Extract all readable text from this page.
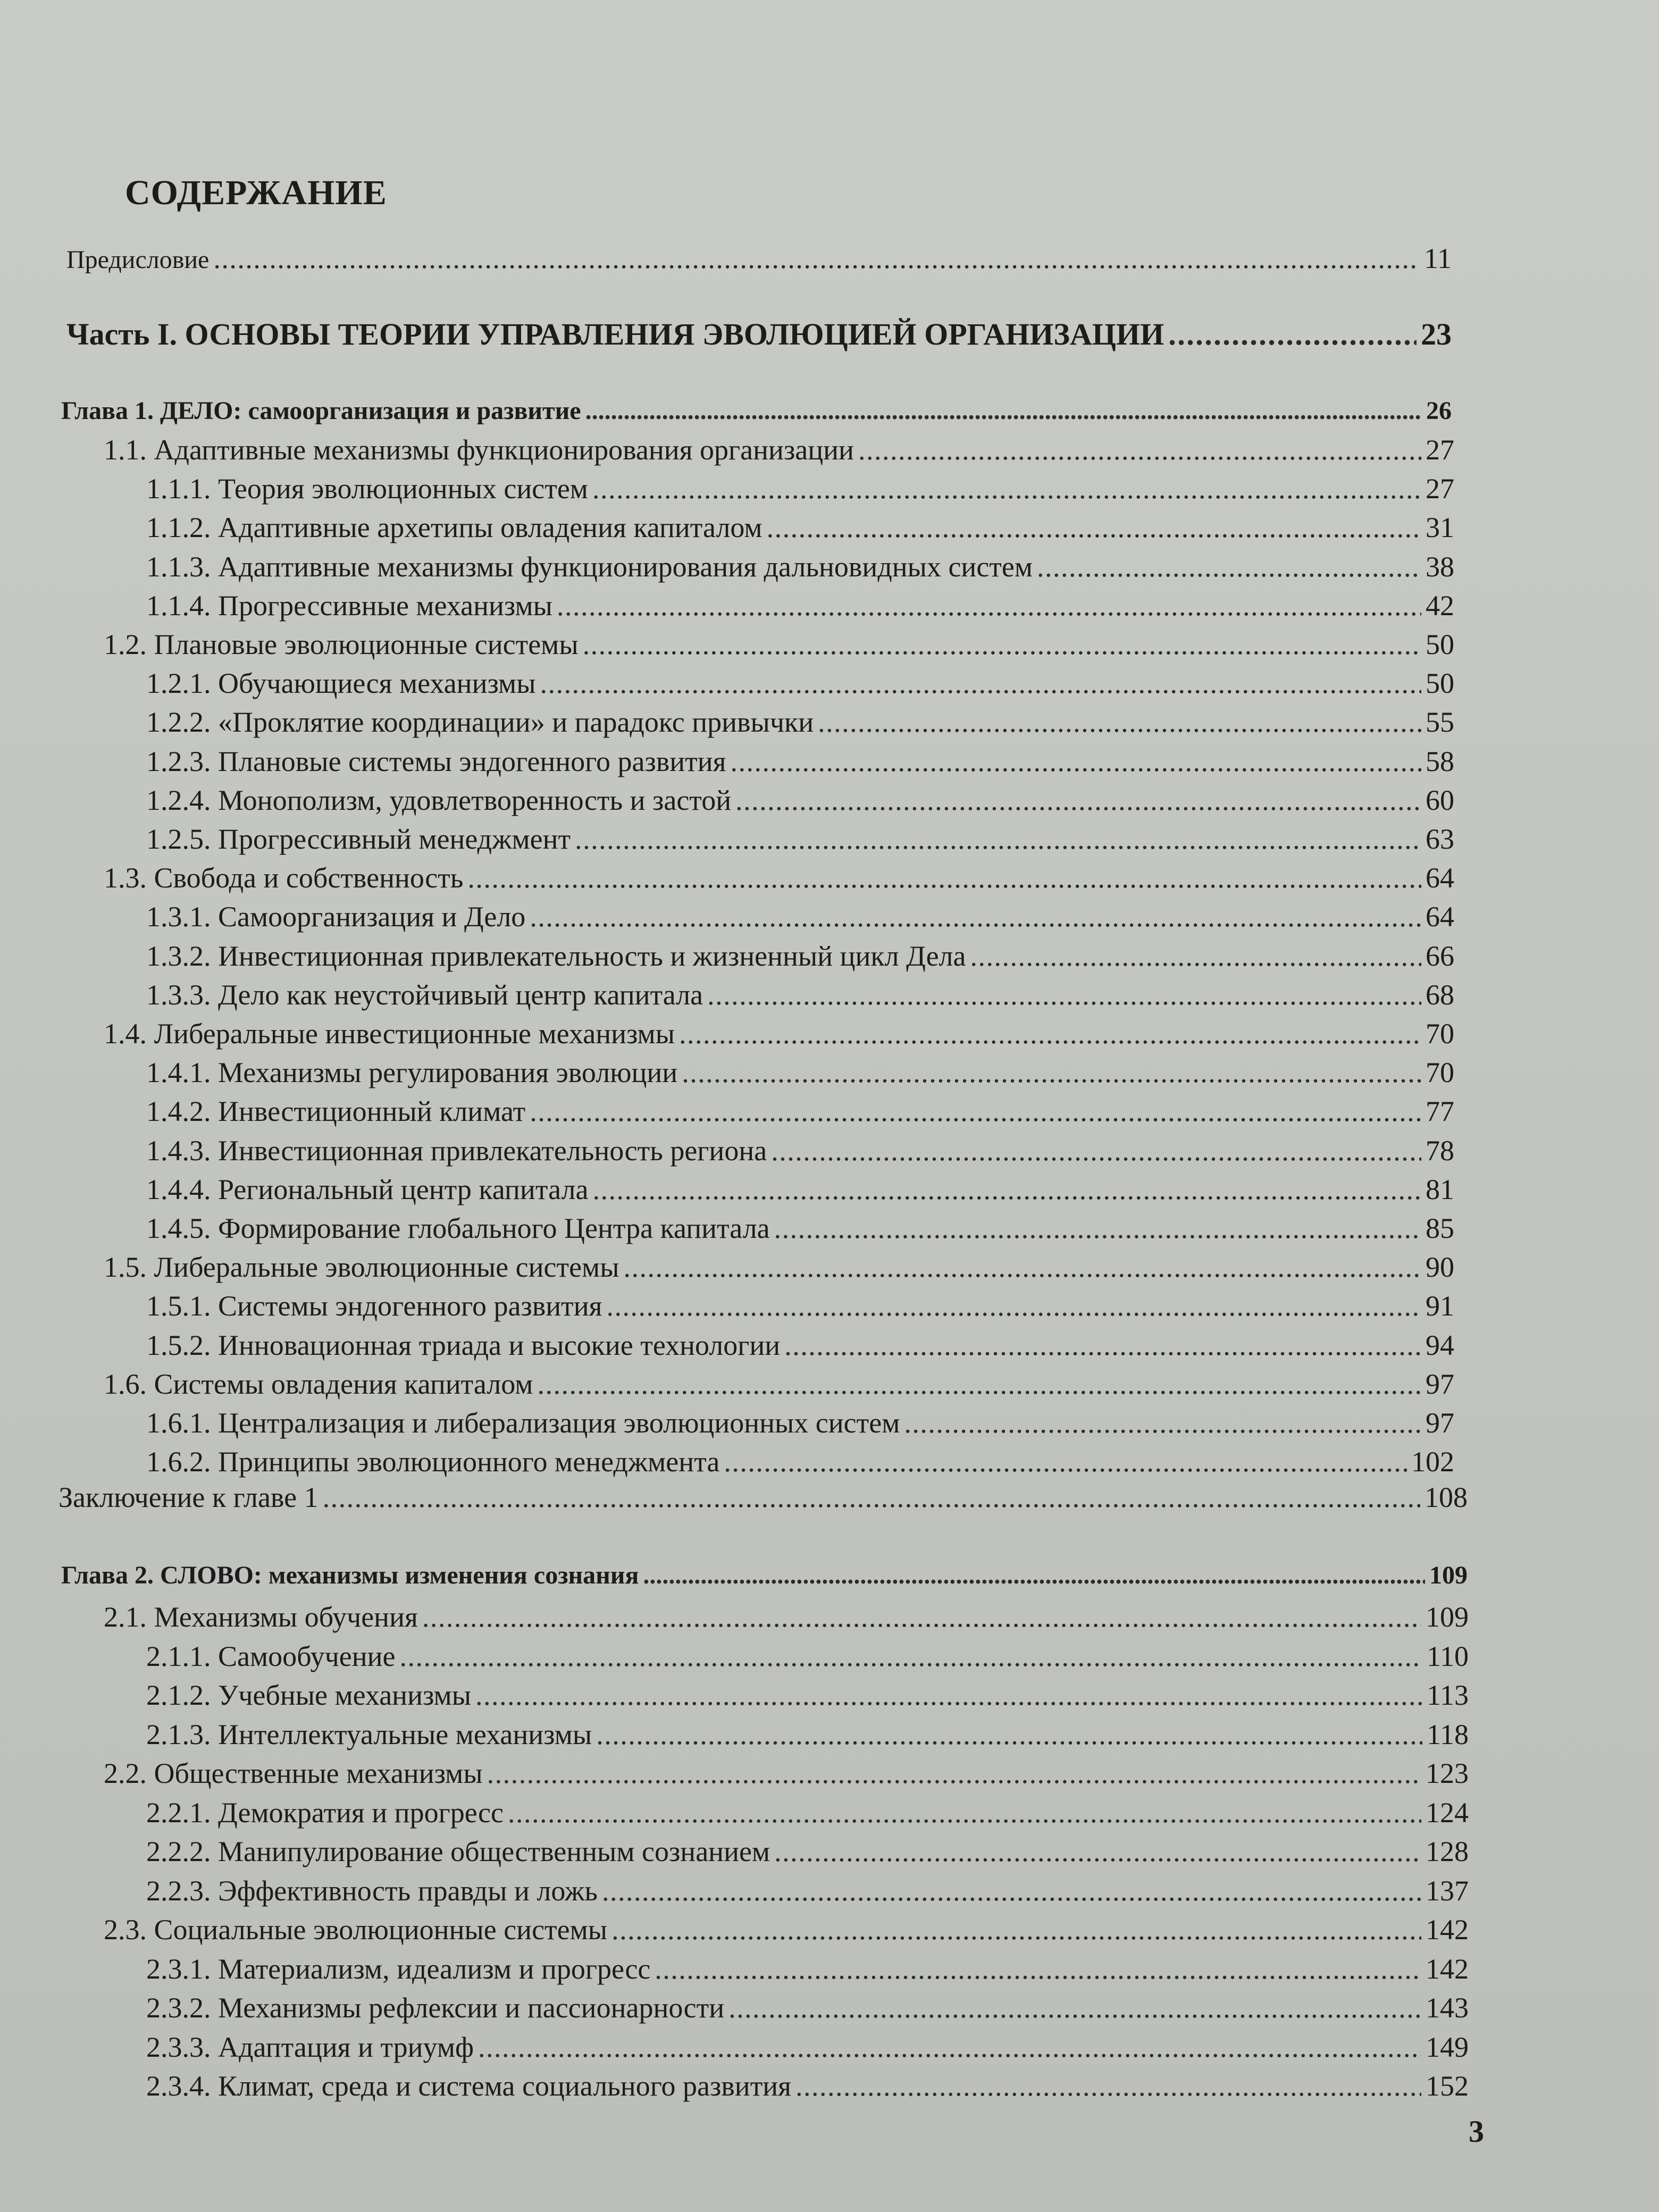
СОДЕРЖАНИЕ
Предисловие . . .	11
Часть I. ОСНОВЫ ТЕОРИИ УПРАВЛЕНИЯ ЭВОЛЮЦИЕЙ ОРГАНИЗАЦИИ . . .	23
Глава 1. ДЕЛО: самоорганизация и развитие . . .	26
1.1. Адаптивные механизмы функционирования организации . . .	27
1.1.1. Теория эволюционных систем . . .	27
1.1.2. Адаптивные архетипы овладения капиталом . . .	31
1.1.3. Адаптивные механизмы функционирования дальновидных систем . . .	38
1.1.4. Прогрессивные механизмы . . .	42
1.2. Плановые эволюционные системы . . .	50
1.2.1. Обучающиеся механизмы . . .	50
1.2.2. «Проклятие координации» и парадокс привычки . . .	55
1.2.3. Плановые системы эндогенного развития . . .	58
1.2.4. Монополизм, удовлетворенность и застой . . .	60
1.2.5. Прогрессивный менеджмент . . .	63
1.3. Свобода и собственность . . .	64
1.3.1. Самоорганизация и Дело . . .	64
1.3.2. Инвестиционная привлекательность и жизненный цикл Дела . . .	66
1.3.3. Дело как неустойчивый центр капитала . . .	68
1.4. Либеральные инвестиционные механизмы . . .	70
1.4.1. Механизмы регулирования эволюции . . .	70
1.4.2. Инвестиционный климат . . .	77
1.4.3. Инвестиционная привлекательность региона . . .	78
1.4.4. Региональный центр капитала . . .	81
1.4.5. Формирование глобального Центра капитала . . .	85
1.5. Либеральные эволюционные системы . . .	90
1.5.1. Системы эндогенного развития . . .	91
1.5.2. Инновационная триада и высокие технологии . . .	94
1.6. Системы овладения капиталом . . .	97
1.6.1. Централизация и либерализация эволюционных систем . . .	97
1.6.2. Принципы эволюционного менеджмента . . .	102
Заключение к главе 1 . . .	108
Глава 2. СЛОВО: механизмы изменения сознания . . .	109
2.1. Механизмы обучения . . .	109
2.1.1. Самообучение . . .	110
2.1.2. Учебные механизмы . . .	113
2.1.3. Интеллектуальные механизмы . . .	118
2.2. Общественные механизмы . . .	123
2.2.1. Демократия и прогресс . . .	124
2.2.2. Манипулирование общественным сознанием . . .	128
2.2.3. Эффективность правды и ложь . . .	137
2.3. Социальные эволюционные системы . . .	142
2.3.1. Материализм, идеализм и прогресс . . .	142
2.3.2. Механизмы рефлексии и пассионарности . . .	143
2.3.3. Адаптация и триумф . . .	149
2.3.4. Климат, среда и система социального развития . . .	152
3
